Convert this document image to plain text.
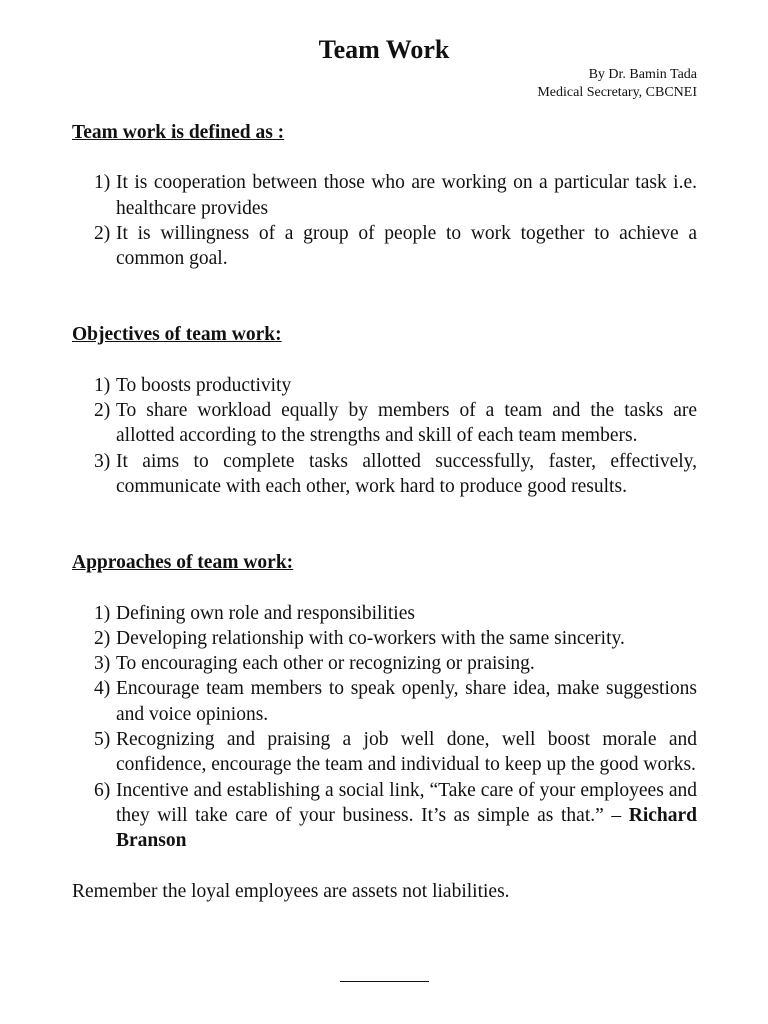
Team Work
By Dr. Bamin Tada
Medical Secretary, CBCNEI

Team work is defined as :

1) It is cooperation between those who are working on a particular task i.e. healthcare provides
2) It is willingness of a group of people to work together to achieve a common goal.

Objectives of team work:

1) To boosts productivity
2) To share workload equally by members of a team and the tasks are allotted according to the strengths and skill of each team members.
3) It aims to complete tasks allotted successfully, faster, effectively, communicate with each other, work hard to produce good results.

Approaches of team work:

1) Defining own role and responsibilities
2) Developing relationship with co-workers with the same sincerity.
3) To encouraging each other or recognizing or praising.
4) Encourage team members to speak openly, share idea, make suggestions and voice opinions.
5) Recognizing and praising a job well done, well boost morale and confidence, encourage the team and individual to keep up the good works.
6) Incentive and establishing a social link, “Take care of your employees and they will take care of your business. It’s as simple as that.” – Richard Branson

Remember the loyal employees are assets not liabilities.
